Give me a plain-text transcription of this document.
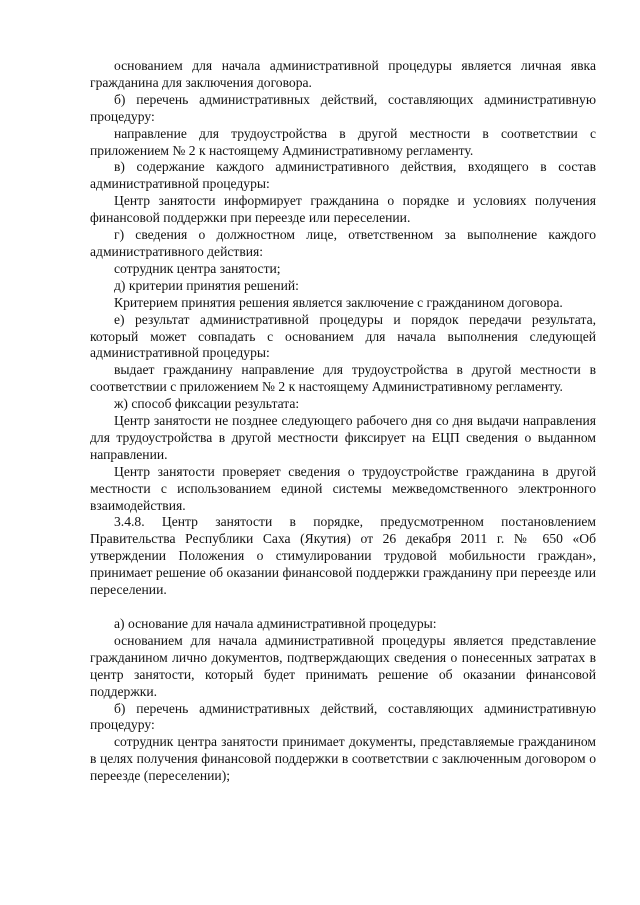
основанием для начала административной процедуры является личная явка гражданина для заключения договора.

б) перечень административных действий, составляющих административную процедуру:

направление для трудоустройства в другой местности в соответствии с приложением № 2 к настоящему Административному регламенту.

в) содержание каждого административного действия, входящего в состав административной процедуры:

Центр занятости информирует гражданина о порядке и условиях получения финансовой поддержки при переезде или переселении.

г) сведения о должностном лице, ответственном за выполнение каждого административного действия:

сотрудник центра занятости;

д) критерии принятия решений:

Критерием принятия решения является заключение с гражданином договора.

е) результат административной процедуры и порядок передачи результата, который может совпадать с основанием для начала выполнения следующей административной процедуры:

выдает гражданину направление для трудоустройства в другой местности в соответствии с приложением № 2 к настоящему Административному регламенту.

ж) способ фиксации результата:

Центр занятости не позднее следующего рабочего дня со дня выдачи направления для трудоустройства в другой местности фиксирует на ЕЦП сведения о выданном направлении.

Центр занятости проверяет сведения о трудоустройстве гражданина в другой местности с использованием единой системы межведомственного электронного взаимодействия.

3.4.8. Центр занятости в порядке, предусмотренном постановлением Правительства Республики Саха (Якутия) от 26 декабря 2011 г. № 650 «Об утверждении Положения о стимулировании трудовой мобильности граждан», принимает решение об оказании финансовой поддержки гражданину при переезде или переселении.

а) основание для начала административной процедуры:

основанием для начала административной процедуры является представление гражданином лично документов, подтверждающих сведения о понесенных затратах в центр занятости, который будет принимать решение об оказании финансовой поддержки.

б) перечень административных действий, составляющих административную процедуру:

сотрудник центра занятости принимает документы, представляемые гражданином в целях получения финансовой поддержки в соответствии с заключенным договором о переезде (переселении);
